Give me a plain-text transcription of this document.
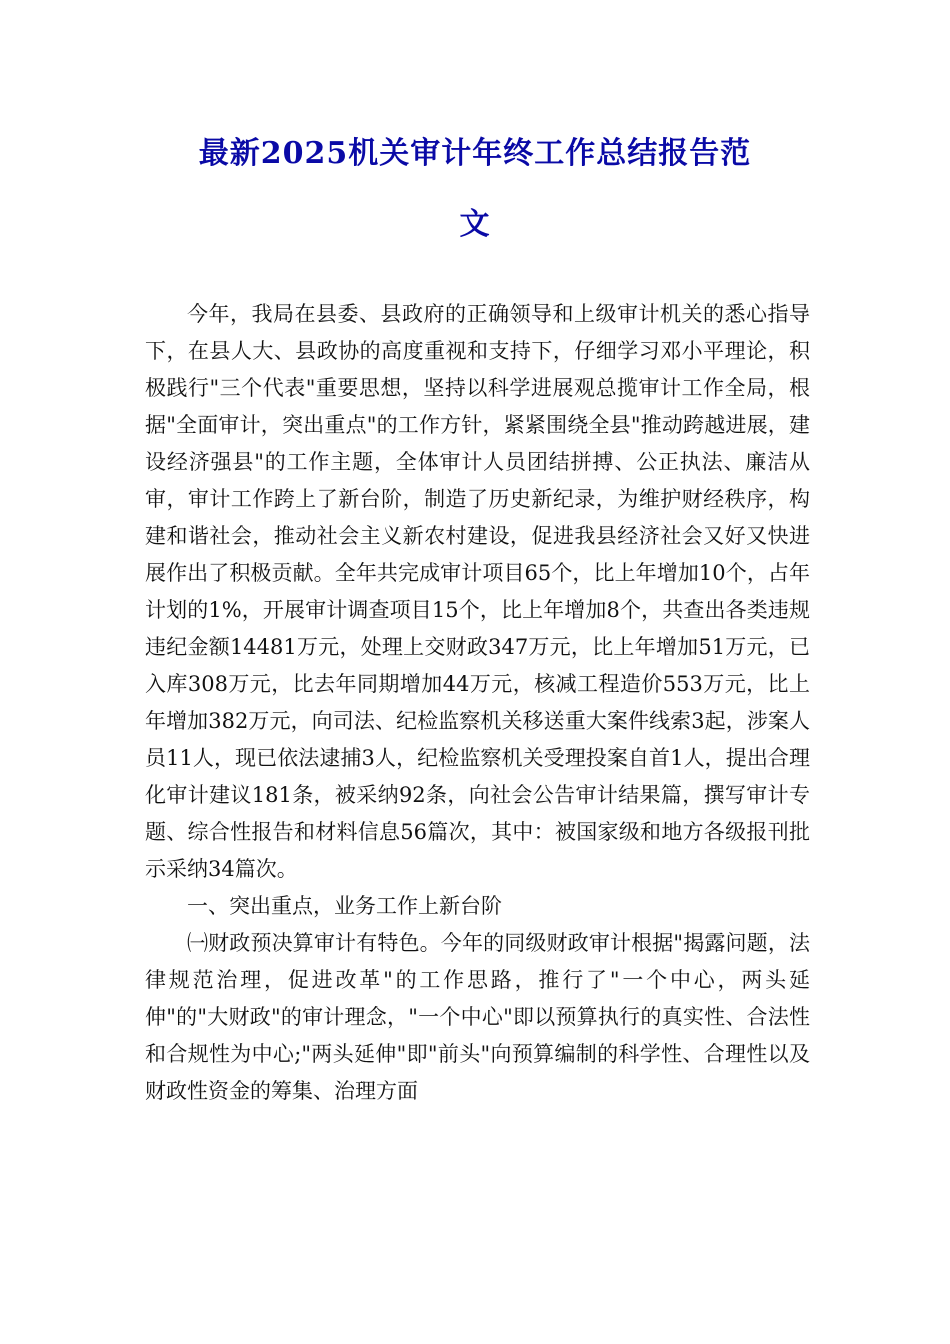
最新2025机关审计年终工作总结报告范
文

今年，我局在县委、县政府的正确领导和上级审计机关的悉心指导下，在县人大、县政协的高度重视和支持下，仔细学习邓小平理论，积极践行"三个代表"重要思想，坚持以科学进展观总揽审计工作全局，根据"全面审计，突出重点"的工作方针，紧紧围绕全县"推动跨越进展，建设经济强县"的工作主题，全体审计人员团结拼搏、公正执法、廉洁从审，审计工作跨上了新台阶，制造了历史新纪录，为维护财经秩序，构建和谐社会，推动社会主义新农村建设，促进我县经济社会又好又快进展作出了积极贡献。全年共完成审计项目65个，比上年增加10个，占年计划的1%，开展审计调查项目15个，比上年增加8个，共查出各类违规违纪金额14481万元，处理上交财政347万元，比上年增加51万元，已入库308万元，比去年同期增加44万元，核减工程造价553万元，比上年增加382万元，向司法、纪检监察机关移送重大案件线索3起，涉案人员11人，现已依法逮捕3人，纪检监察机关受理投案自首1人，提出合理化审计建议181条，被采纳92条，向社会公告审计结果篇，撰写审计专题、综合性报告和材料信息56篇次，其中：被国家级和地方各级报刊批示采纳34篇次。

一、突出重点，业务工作上新台阶

㈠财政预决算审计有特色。今年的同级财政审计根据"揭露问题，法律规范治理，促进改革"的工作思路，推行了"一个中心，两头延伸"的"大财政"的审计理念，"一个中心"即以预算执行的真实性、合法性和合规性为中心;"两头延伸"即"前头"向预算编制的科学性、合理性以及财政性资金的筹集、治理方面
